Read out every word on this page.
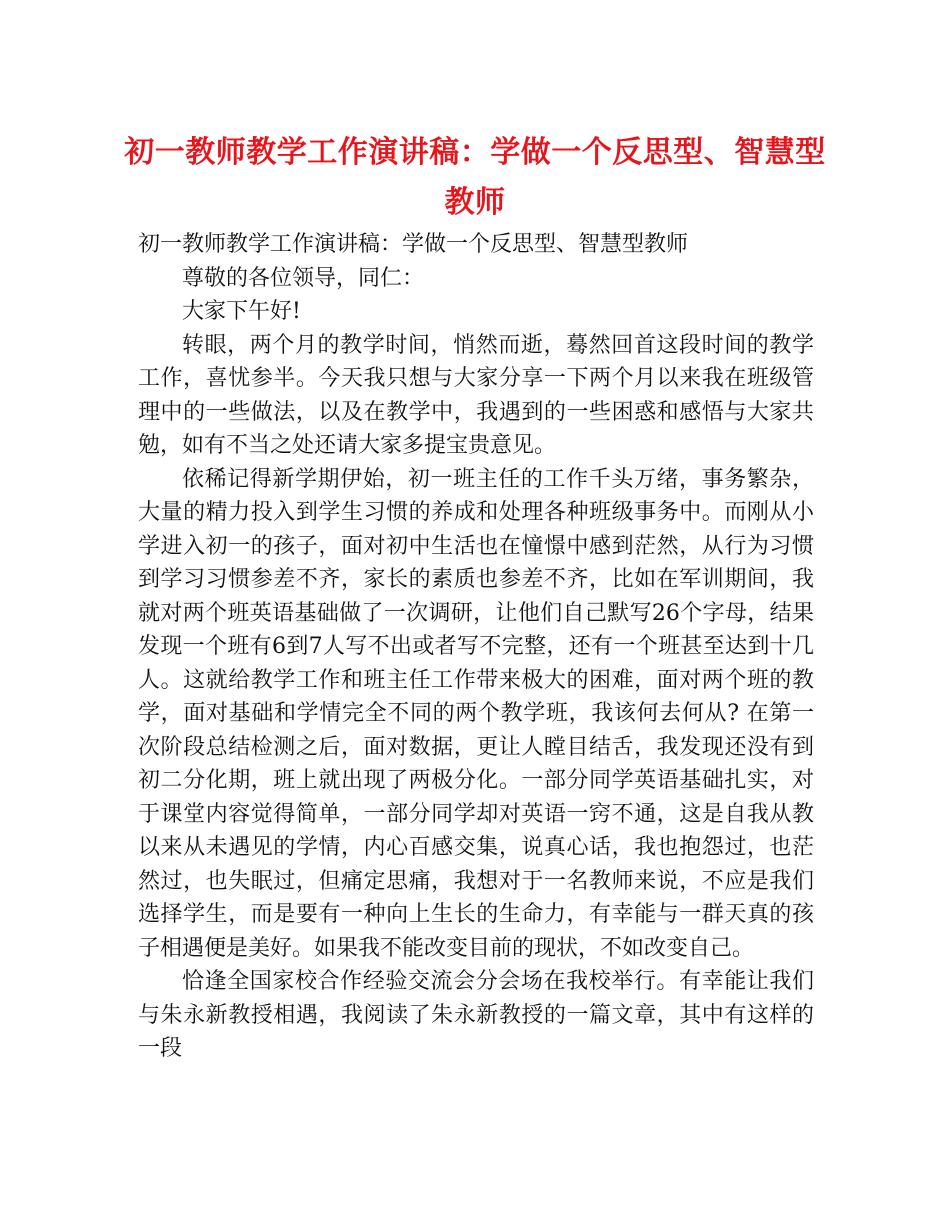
初一教师教学工作演讲稿：学做一个反思型、智慧型教师

初一教师教学工作演讲稿：学做一个反思型、智慧型教师

尊敬的各位领导，同仁：

大家下午好!

转眼，两个月的教学时间，悄然而逝，蓦然回首这段时间的教学工作，喜忧参半。今天我只想与大家分享一下两个月以来我在班级管理中的一些做法，以及在教学中，我遇到的一些困惑和感悟与大家共勉，如有不当之处还请大家多提宝贵意见。

依稀记得新学期伊始，初一班主任的工作千头万绪，事务繁杂，大量的精力投入到学生习惯的养成和处理各种班级事务中。而刚从小学进入初一的孩子，面对初中生活也在憧憬中感到茫然，从行为习惯到学习习惯参差不齐，家长的素质也参差不齐，比如在军训期间，我就对两个班英语基础做了一次调研，让他们自己默写26个字母，结果发现一个班有6到7人写不出或者写不完整，还有一个班甚至达到十几人。这就给教学工作和班主任工作带来极大的困难，面对两个班的教学，面对基础和学情完全不同的两个教学班，我该何去何从? 在第一次阶段总结检测之后，面对数据，更让人瞠目结舌，我发现还没有到初二分化期，班上就出现了两极分化。一部分同学英语基础扎实，对于课堂内容觉得简单，一部分同学却对英语一窍不通，这是自我从教以来从未遇见的学情，内心百感交集，说真心话，我也抱怨过，也茫然过，也失眠过，但痛定思痛，我想对于一名教师来说，不应是我们选择学生，而是要有一种向上生长的生命力，有幸能与一群天真的孩子相遇便是美好。如果我不能改变目前的现状，不如改变自己。

恰逢全国家校合作经验交流会分会场在我校举行。有幸能让我们与朱永新教授相遇，我阅读了朱永新教授的一篇文章，其中有这样的一段
